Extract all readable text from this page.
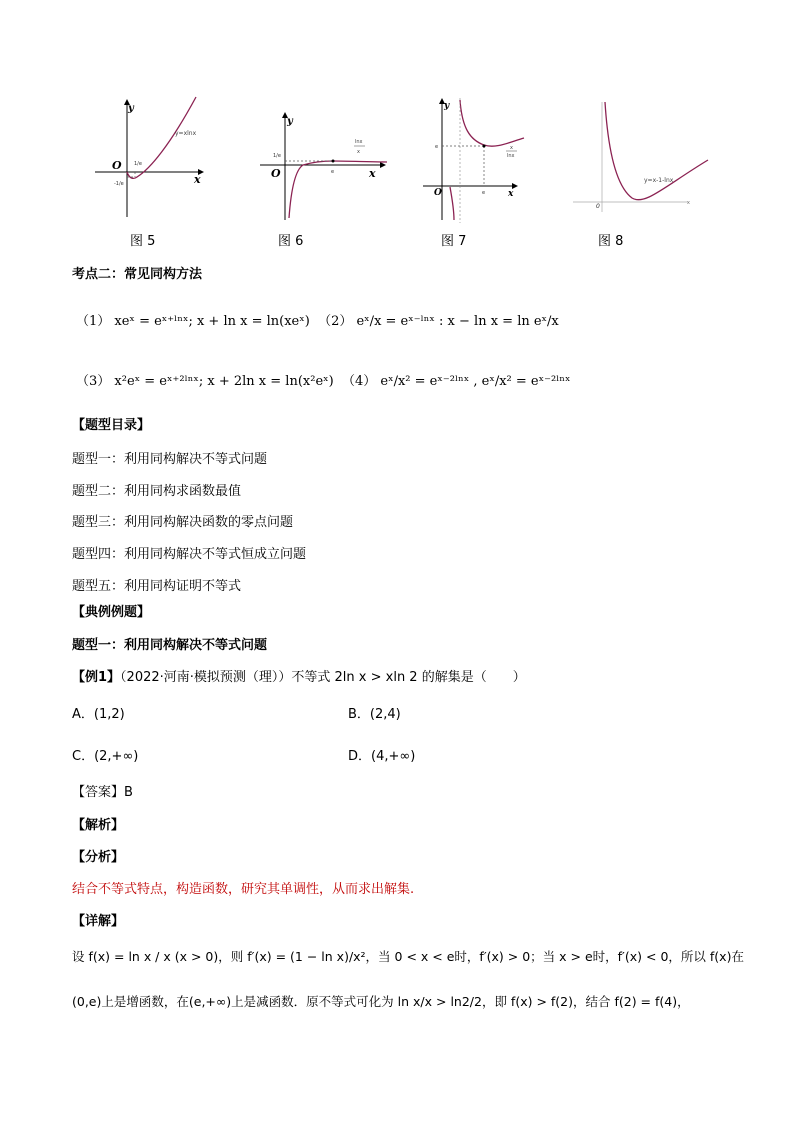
y
x
O 1/e
-1/e
y=xlnx
图 5
y
x
O
1/e
e
lnx
x
图 6
y
x
O	e
e	x
lnx
图 7
0	x
y=x-1-lnx
图 8
考点二：常见同构方法
（1） xeˣ = eˣ⁺ˡⁿˣ; x + ln x = ln(xeˣ) （2） eˣ/x = eˣ⁻ˡⁿˣ : x − ln x = ln eˣ/x
（3） x²eˣ = eˣ⁺²ˡⁿˣ; x + 2ln x = ln(x²eˣ) （4） eˣ/x² = eˣ⁻²ˡⁿˣ , eˣ/x² = eˣ⁻²ˡⁿˣ
【题型目录】
题型一：利用同构解决不等式问题
题型二：利用同构求函数最值
题型三：利用同构解决函数的零点问题
题型四：利用同构解决不等式恒成立问题
题型五：利用同构证明不等式
【典例例题】
题型一：利用同构解决不等式问题
【例1】（2022·河南·模拟预测（理））不等式 2ln x > xln 2 的解集是（　　）
A．(1,2)	B．(2,4)
C．(2,+∞)	D．(4,+∞)
【答案】B
【解析】
【分析】
结合不等式特点，构造函数，研究其单调性，从而求出解集.
【详解】
设 f(x) = ln x / x (x > 0)，则 f′(x) = (1 − ln x)/x²，当 0 < x < e时，f′(x) > 0；当 x > e时，f′(x) < 0，所以 f(x)在
(0,e)上是增函数，在(e,+∞)上是减函数．原不等式可化为 ln x/x > ln2/2，即 f(x) > f(2)，结合 f(2) = f(4)，
